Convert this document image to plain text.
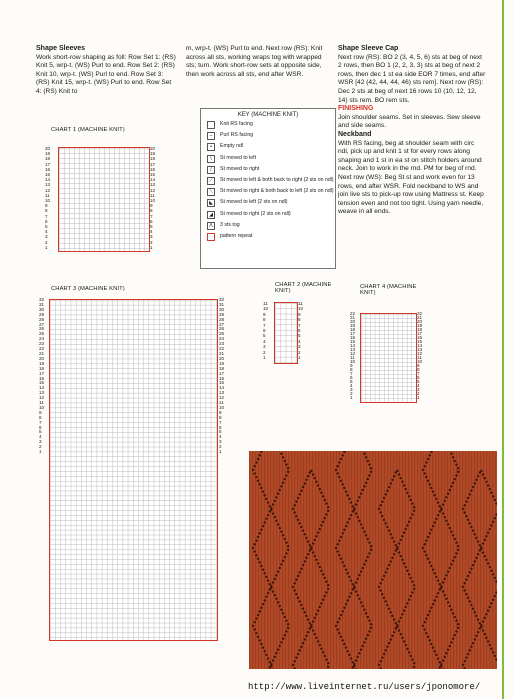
Shape Sleeves
Work short-row shaping as foll: Row Set 1: (RS) Knit 5, wrp-t. (WS) Purl to end. Row Set 2: (RS) Knit 10, wrp-t. (WS) Purl to end. Row Set 3: (RS) Knit 15, wrp-t. (WS) Purl to end. Row Set 4: (RS) Knit to
m, wrp-t. (WS) Purl to end. Next row (RS): Knit across all sts, working wraps tog with wrapped sts; turn. Work short-row sets at opposite side, then work across all sts, end after WSR.
Shape Sleeve Cap
Next row (RS): BO 2 (3, 4, 5, 6) sts at beg of next 2 rows, then BO 1 (2, 2, 3, 3) sts at beg of next 2 rows, then dec 1 st ea side EOR 7 times, end after WSR [42 (42, 44, 44, 46) sts rem]. Next row (RS): Dec 2 sts at beg of next 16 rows 10 (10, 12, 12, 14) sts rem. BO rem sts.
FINISHING
Join shoulder seams. Set in sleeves. Sew sleeve and side seams.
Neckband
With RS facing, beg at shoulder seam with circ ndl, pick up and knit 1 st for every rows along shaping and 1 st in ea st on stitch holders around neck. Join to work in the rnd. PM for beg of rnd. Next row (WS): Beg St st and work even for 13 rows, end after WSR. Fold neckband to WS and join live sts to pick-up row using Mattress st. Keep tension even and not too tight. Using yarn needle, weave in all ends.
CHART 1 (MACHINE KNIT)
20
19
18
17
16
15
14
13
12
11
10
9
8
7
6
5
4
3
2
1
20
19
18
17
16
15
14
13
12
11
10
9
8
7
6
5
4
3
2
1
KEY (MACHINE KNIT)
Knit RS facing
–	Purl RS facing
•	Empty ndl
\	St moved to left
/	St moved to right
⟋	St moved to left & both back to right (2 sts on ndl)
⟍	St moved to right & both back to left (2 sts on ndl)
◣	St moved to left (2 sts on ndl)
◢	St moved to right (2 sts on ndl)
Λ	3 sts tog
pattern repeat
CHART 3 (MACHINE KNIT)
32
31
30
29
28
27
26
25
24
23
22
21
20
19
18
17
16
15
14
13
12
11
10
9
8
7
6
5
4
3
2
1
32
31
30
29
28
27
26
25
24
23
22
21
20
19
18
17
16
15
14
13
12
11
10
9
8
7
6
5
4
3
2
1
CHART 2 (MACHINE KNIT)
11
10
9
8
7
6
5
4
3
2
1
11
10
9
8
7
6
5
4
3
2
1
CHART 4 (MACHINE KNIT)
22
21
20
19
18
17
16
15
14
13
12
11
10
9
8
7
6
5
4
3
2
1
22
21
20
19
18
17
16
15
14
13
12
11
10
9
8
7
6
5
4
3
2
1
http://www.liveinternet.ru/users/jponomore/
